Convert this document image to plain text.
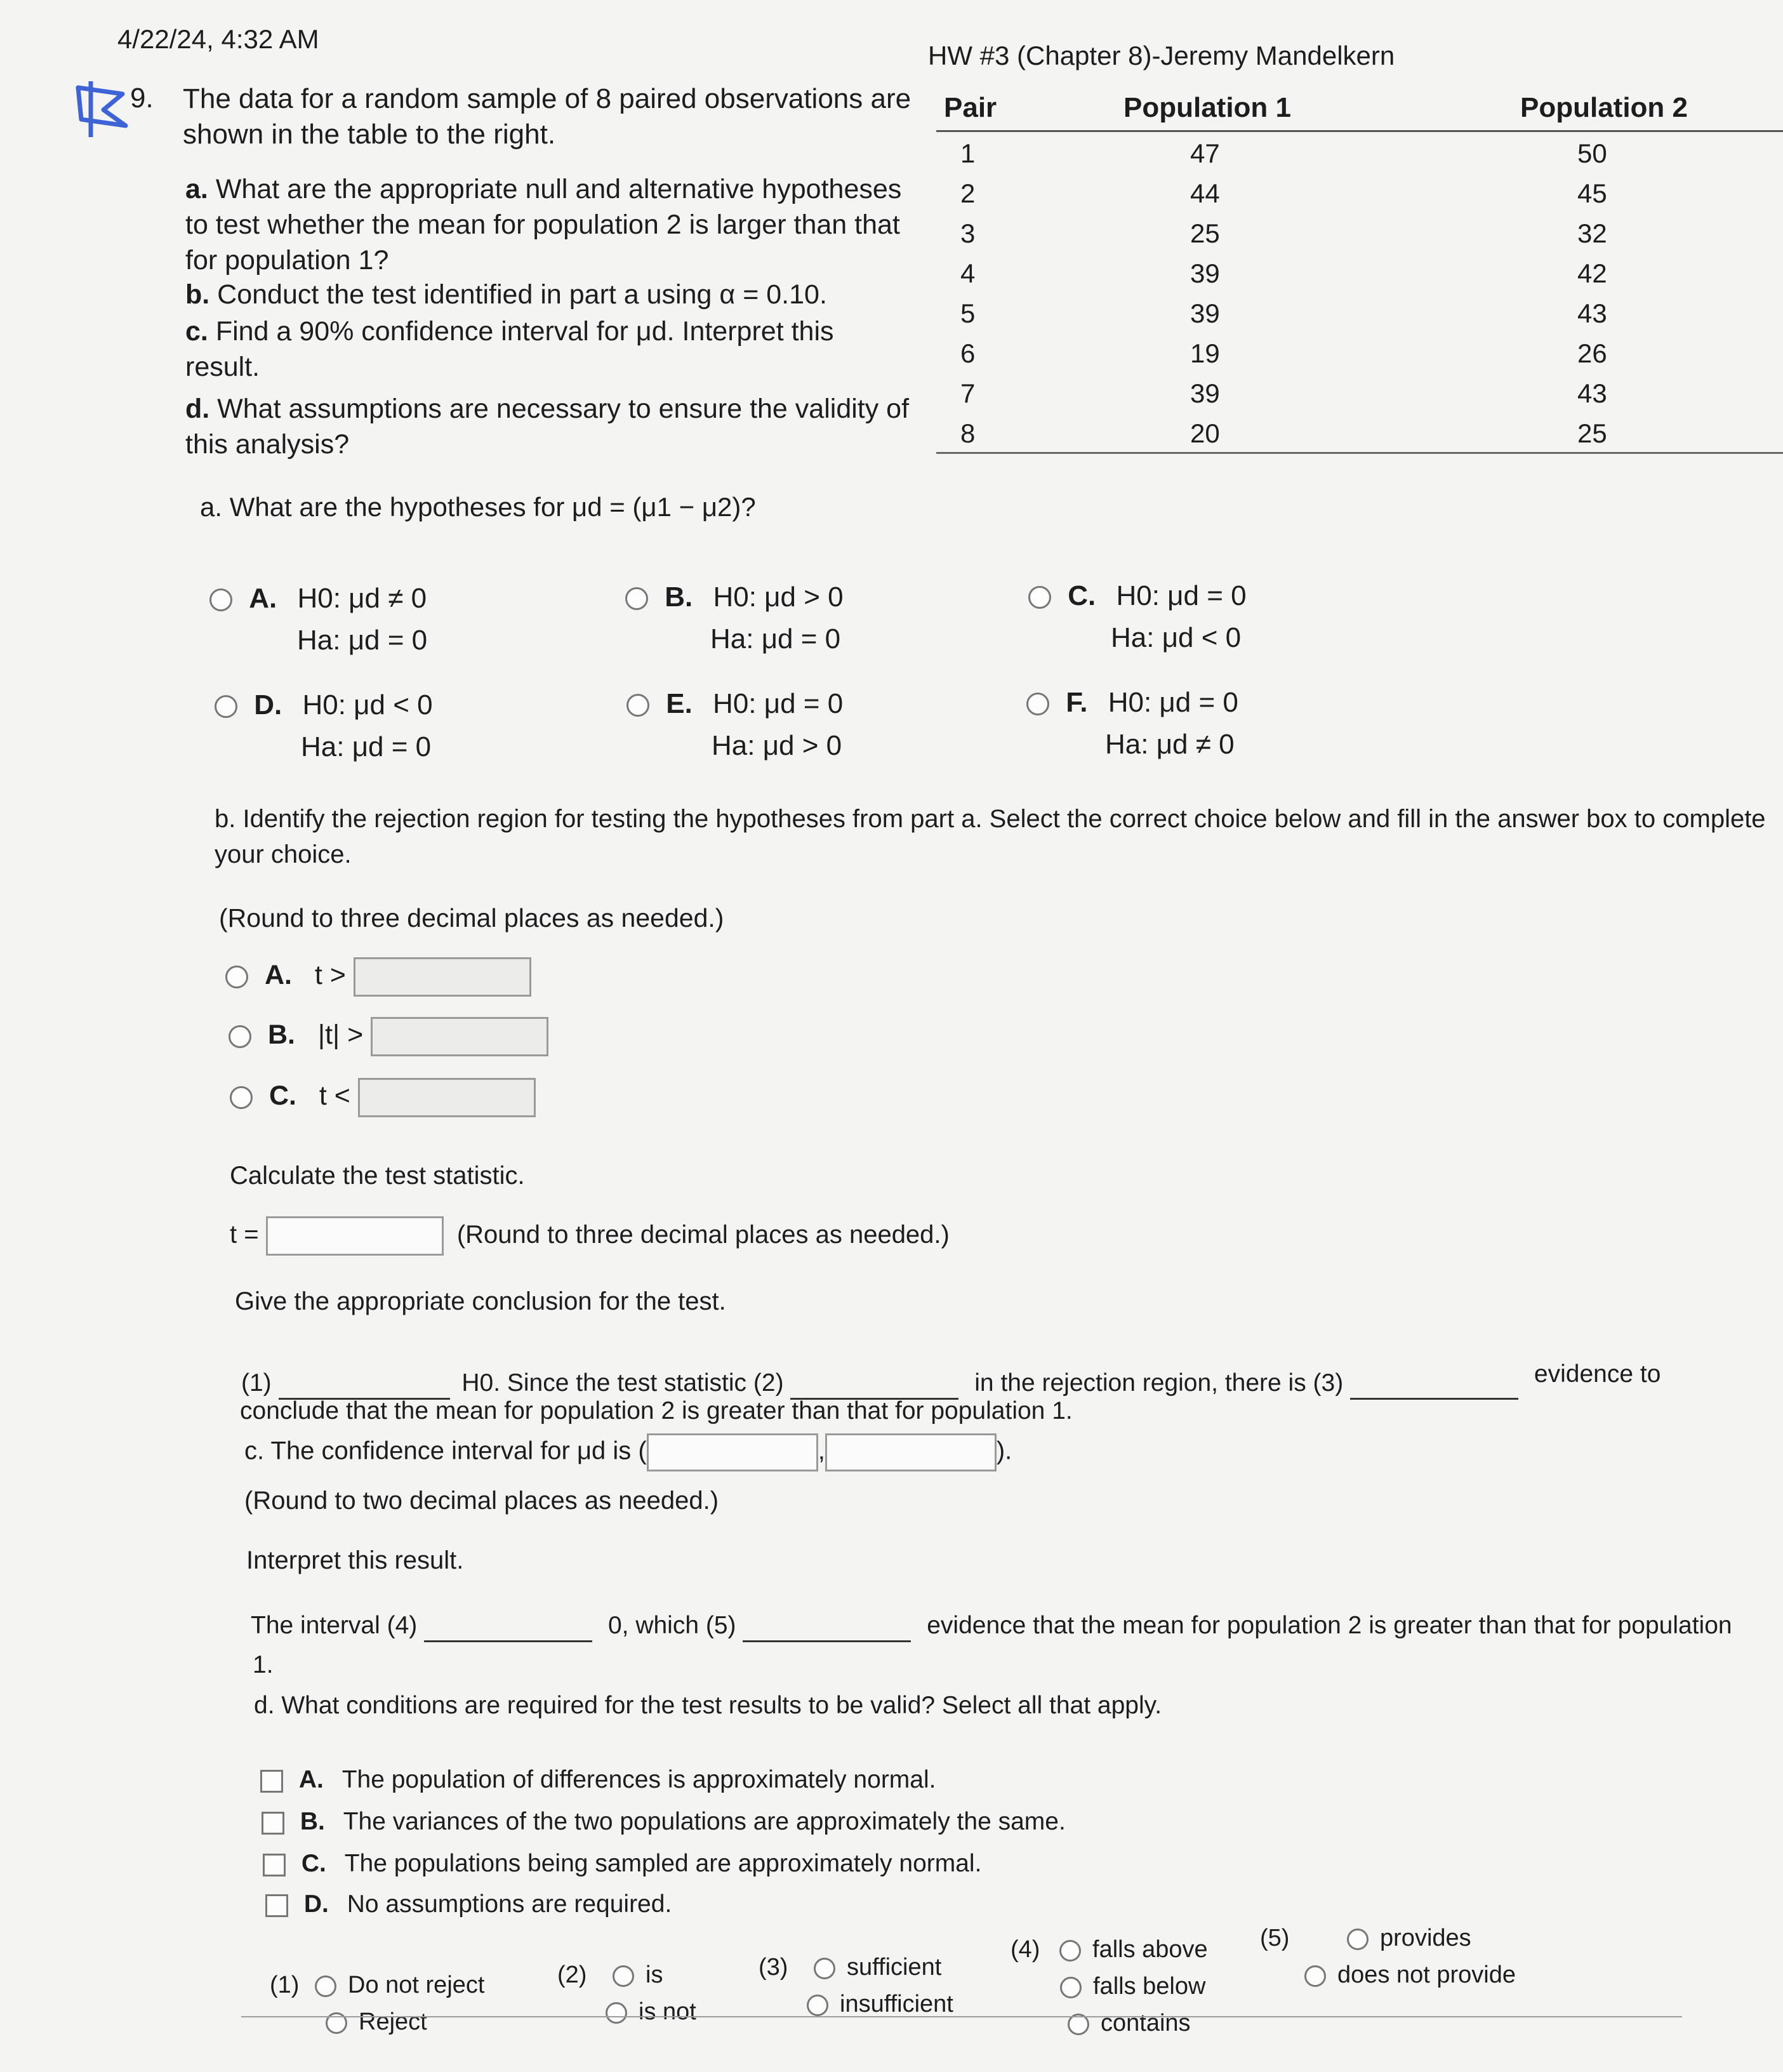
4/22/24, 4:32 AM
HW #3 (Chapter 8)-Jeremy Mandelkern
9. The data for a random sample of 8 paired observations are shown in the table to the right.
a. What are the appropriate null and alternative hypotheses to test whether the mean for population 2 is larger than that for population 1?
b. Conduct the test identified in part a using α = 0.10.
c. Find a 90% confidence interval for μd. Interpret this result.
d. What assumptions are necessary to ensure the validity of this analysis?
Pair	Population 1	Population 2
1	47	50
2	44	45
3	25	32
4	39	42
5	39	43
6	19	26
7	39	43
8	20	25
a. What are the hypotheses for μd = (μ1 − μ2)?
A. H0: μd ≠ 0
Ha: μd = 0
B. H0: μd > 0
Ha: μd = 0
C. H0: μd = 0
Ha: μd < 0
D. H0: μd < 0
Ha: μd = 0
E. H0: μd = 0
Ha: μd > 0
F. H0: μd = 0
Ha: μd ≠ 0
b. Identify the rejection region for testing the hypotheses from part a. Select the correct choice below and fill in the answer box to complete your choice.
(Round to three decimal places as needed.)
A. t >
B. |t| >
C. t <
Calculate the test statistic.
t =	(Round to three decimal places as needed.)
Give the appropriate conclusion for the test.
(1)	H0. Since the test statistic (2)	in the rejection region, there is (3)	evidence to
conclude that the mean for population 2 is greater than that for population 1.
c. The confidence interval for μd is (	,	).
(Round to two decimal places as needed.)
Interpret this result.
The interval (4)	0, which (5)	evidence that the mean for population 2 is greater than that for population
1.
d. What conditions are required for the test results to be valid? Select all that apply.
A. The population of differences is approximately normal.
B. The variances of the two populations are approximately the same.
C. The populations being sampled are approximately normal.
D. No assumptions are required.
(1) Do not reject
Reject
(2) is
is not
(3) sufficient
insufficient
(4) falls above
falls below
contains
(5)	provides
does not provide
